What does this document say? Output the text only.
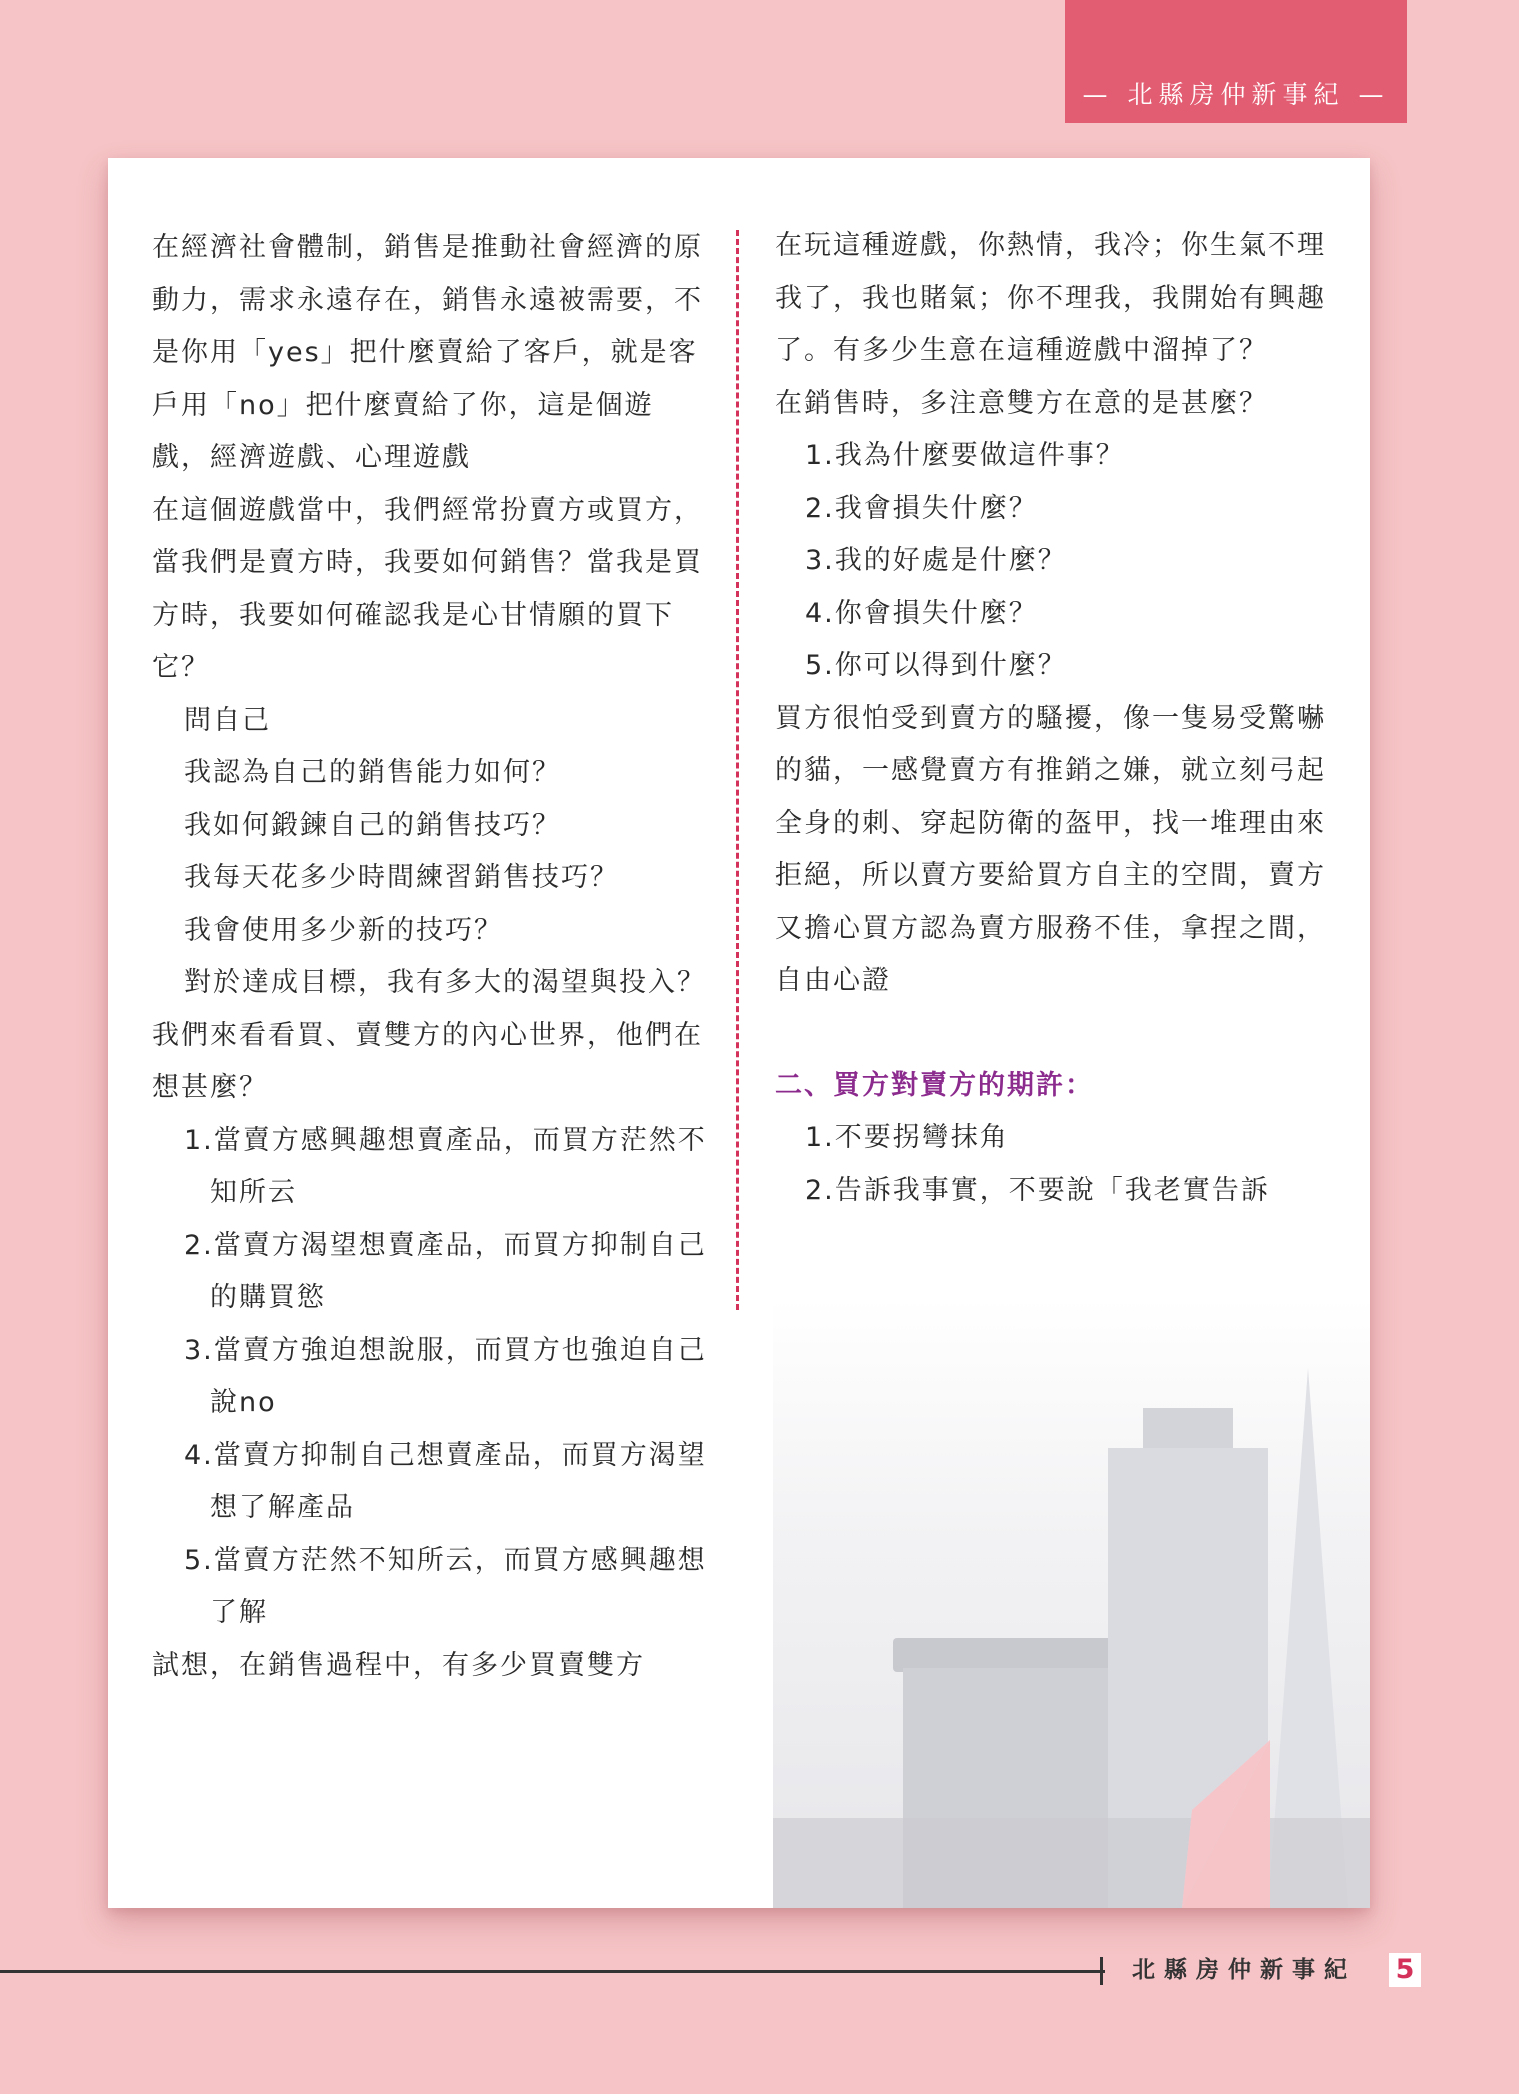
— 北縣房仲新事紀 —

在經濟社會體制，銷售是推動社會經濟的原動力，需求永遠存在，銷售永遠被需要，不是你用「yes」把什麼賣給了客戶，就是客戶用「no」把什麼賣給了你，這是個遊戲，經濟遊戲、心理遊戲

在這個遊戲當中，我們經常扮賣方或買方，當我們是賣方時，我要如何銷售？當我是買方時，我要如何確認我是心甘情願的買下它？

問自己

我認為自己的銷售能力如何？

我如何鍛鍊自己的銷售技巧？

我每天花多少時間練習銷售技巧？

我會使用多少新的技巧？

對於達成目標，我有多大的渴望與投入？

我們來看看買、賣雙方的內心世界，他們在想甚麼？

1.當賣方感興趣想賣產品，而買方茫然不知所云

2.當賣方渴望想賣產品，而買方抑制自己的購買慾

3.當賣方強迫想說服，而買方也強迫自己說no

4.當賣方抑制自己想賣產品，而買方渴望想了解產品

5.當賣方茫然不知所云，而買方感興趣想了解

試想，在銷售過程中，有多少買賣雙方

在玩這種遊戲，你熱情，我冷；你生氣不理我了，我也賭氣；你不理我，我開始有興趣了。有多少生意在這種遊戲中溜掉了？

在銷售時，多注意雙方在意的是甚麼？

1.我為什麼要做這件事？

2.我會損失什麼？

3.我的好處是什麼？

4.你會損失什麼？

5.你可以得到什麼？

買方很怕受到賣方的騷擾，像一隻易受驚嚇的貓，一感覺賣方有推銷之嫌，就立刻弓起全身的刺、穿起防衛的盔甲，找一堆理由來拒絕，所以賣方要給買方自主的空間，賣方又擔心買方認為賣方服務不佳，拿捏之間，自由心證

二、買方對賣方的期許：

1.不要拐彎抹角

2.告訴我事實，不要說「我老實告訴

北縣房仲新事紀 5
